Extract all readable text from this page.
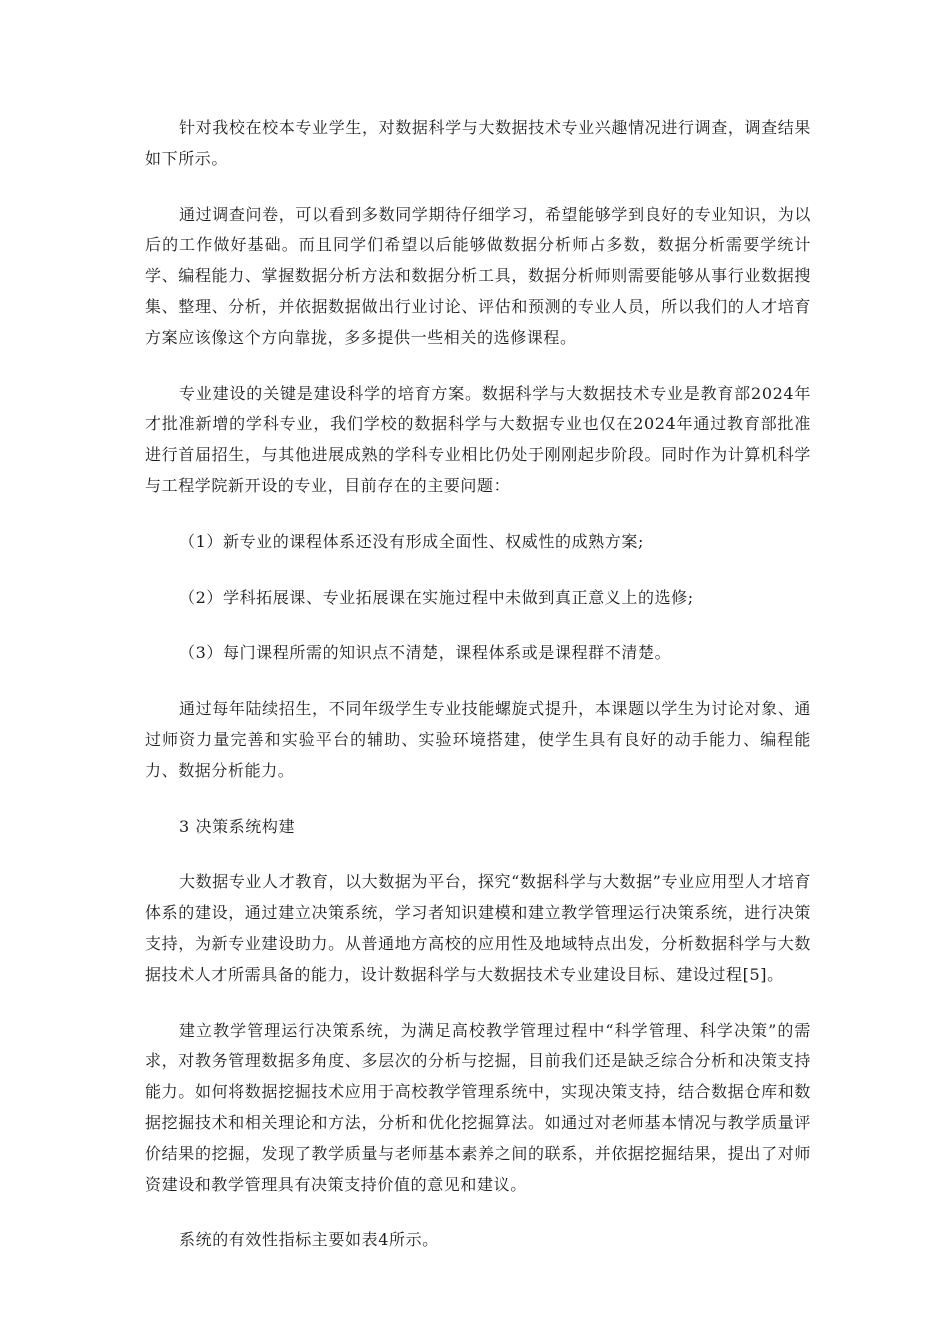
针对我校在校本专业学生，对数据科学与大数据技术专业兴趣情况进行调查，调查结果如下所示。

通过调查问卷，可以看到多数同学期待仔细学习，希望能够学到良好的专业知识，为以后的工作做好基础。而且同学们希望以后能够做数据分析师占多数，数据分析需要学统计学、编程能力、掌握数据分析方法和数据分析工具，数据分析师则需要能够从事行业数据搜集、整理、分析，并依据数据做出行业讨论、评估和预测的专业人员，所以我们的人才培育方案应该像这个方向靠拢，多多提供一些相关的选修课程。

专业建设的关键是建设科学的培育方案。数据科学与大数据技术专业是教育部2024年才批准新增的学科专业，我们学校的数据科学与大数据专业也仅在2024年通过教育部批准进行首届招生，与其他进展成熟的学科专业相比仍处于刚刚起步阶段。同时作为计算机科学与工程学院新开设的专业，目前存在的主要问题：

（1）新专业的课程体系还没有形成全面性、权威性的成熟方案;

（2）学科拓展课、专业拓展课在实施过程中未做到真正意义上的选修;

（3）每门课程所需的知识点不清楚，课程体系或是课程群不清楚。

通过每年陆续招生，不同年级学生专业技能螺旋式提升，本课题以学生为讨论对象、通过师资力量完善和实验平台的辅助、实验环境搭建，使学生具有良好的动手能力、编程能力、数据分析能力。

3 决策系统构建

大数据专业人才教育，以大数据为平台，探究“数据科学与大数据”专业应用型人才培育体系的建设，通过建立决策系统，学习者知识建模和建立教学管理运行决策系统，进行决策支持，为新专业建设助力。从普通地方高校的应用性及地域特点出发，分析数据科学与大数据技术人才所需具备的能力，设计数据科学与大数据技术专业建设目标、建设过程[5]。

建立教学管理运行决策系统，为满足高校教学管理过程中“科学管理、科学决策”的需求，对教务管理数据多角度、多层次的分析与挖掘，目前我们还是缺乏综合分析和决策支持能力。如何将数据挖掘技术应用于高校教学管理系统中，实现决策支持，结合数据仓库和数据挖掘技术和相关理论和方法，分析和优化挖掘算法。如通过对老师基本情况与教学质量评价结果的挖掘，发现了教学质量与老师基本素养之间的联系，并依据挖掘结果，提出了对师资建设和教学管理具有决策支持价值的意见和建议。

系统的有效性指标主要如表4所示。
